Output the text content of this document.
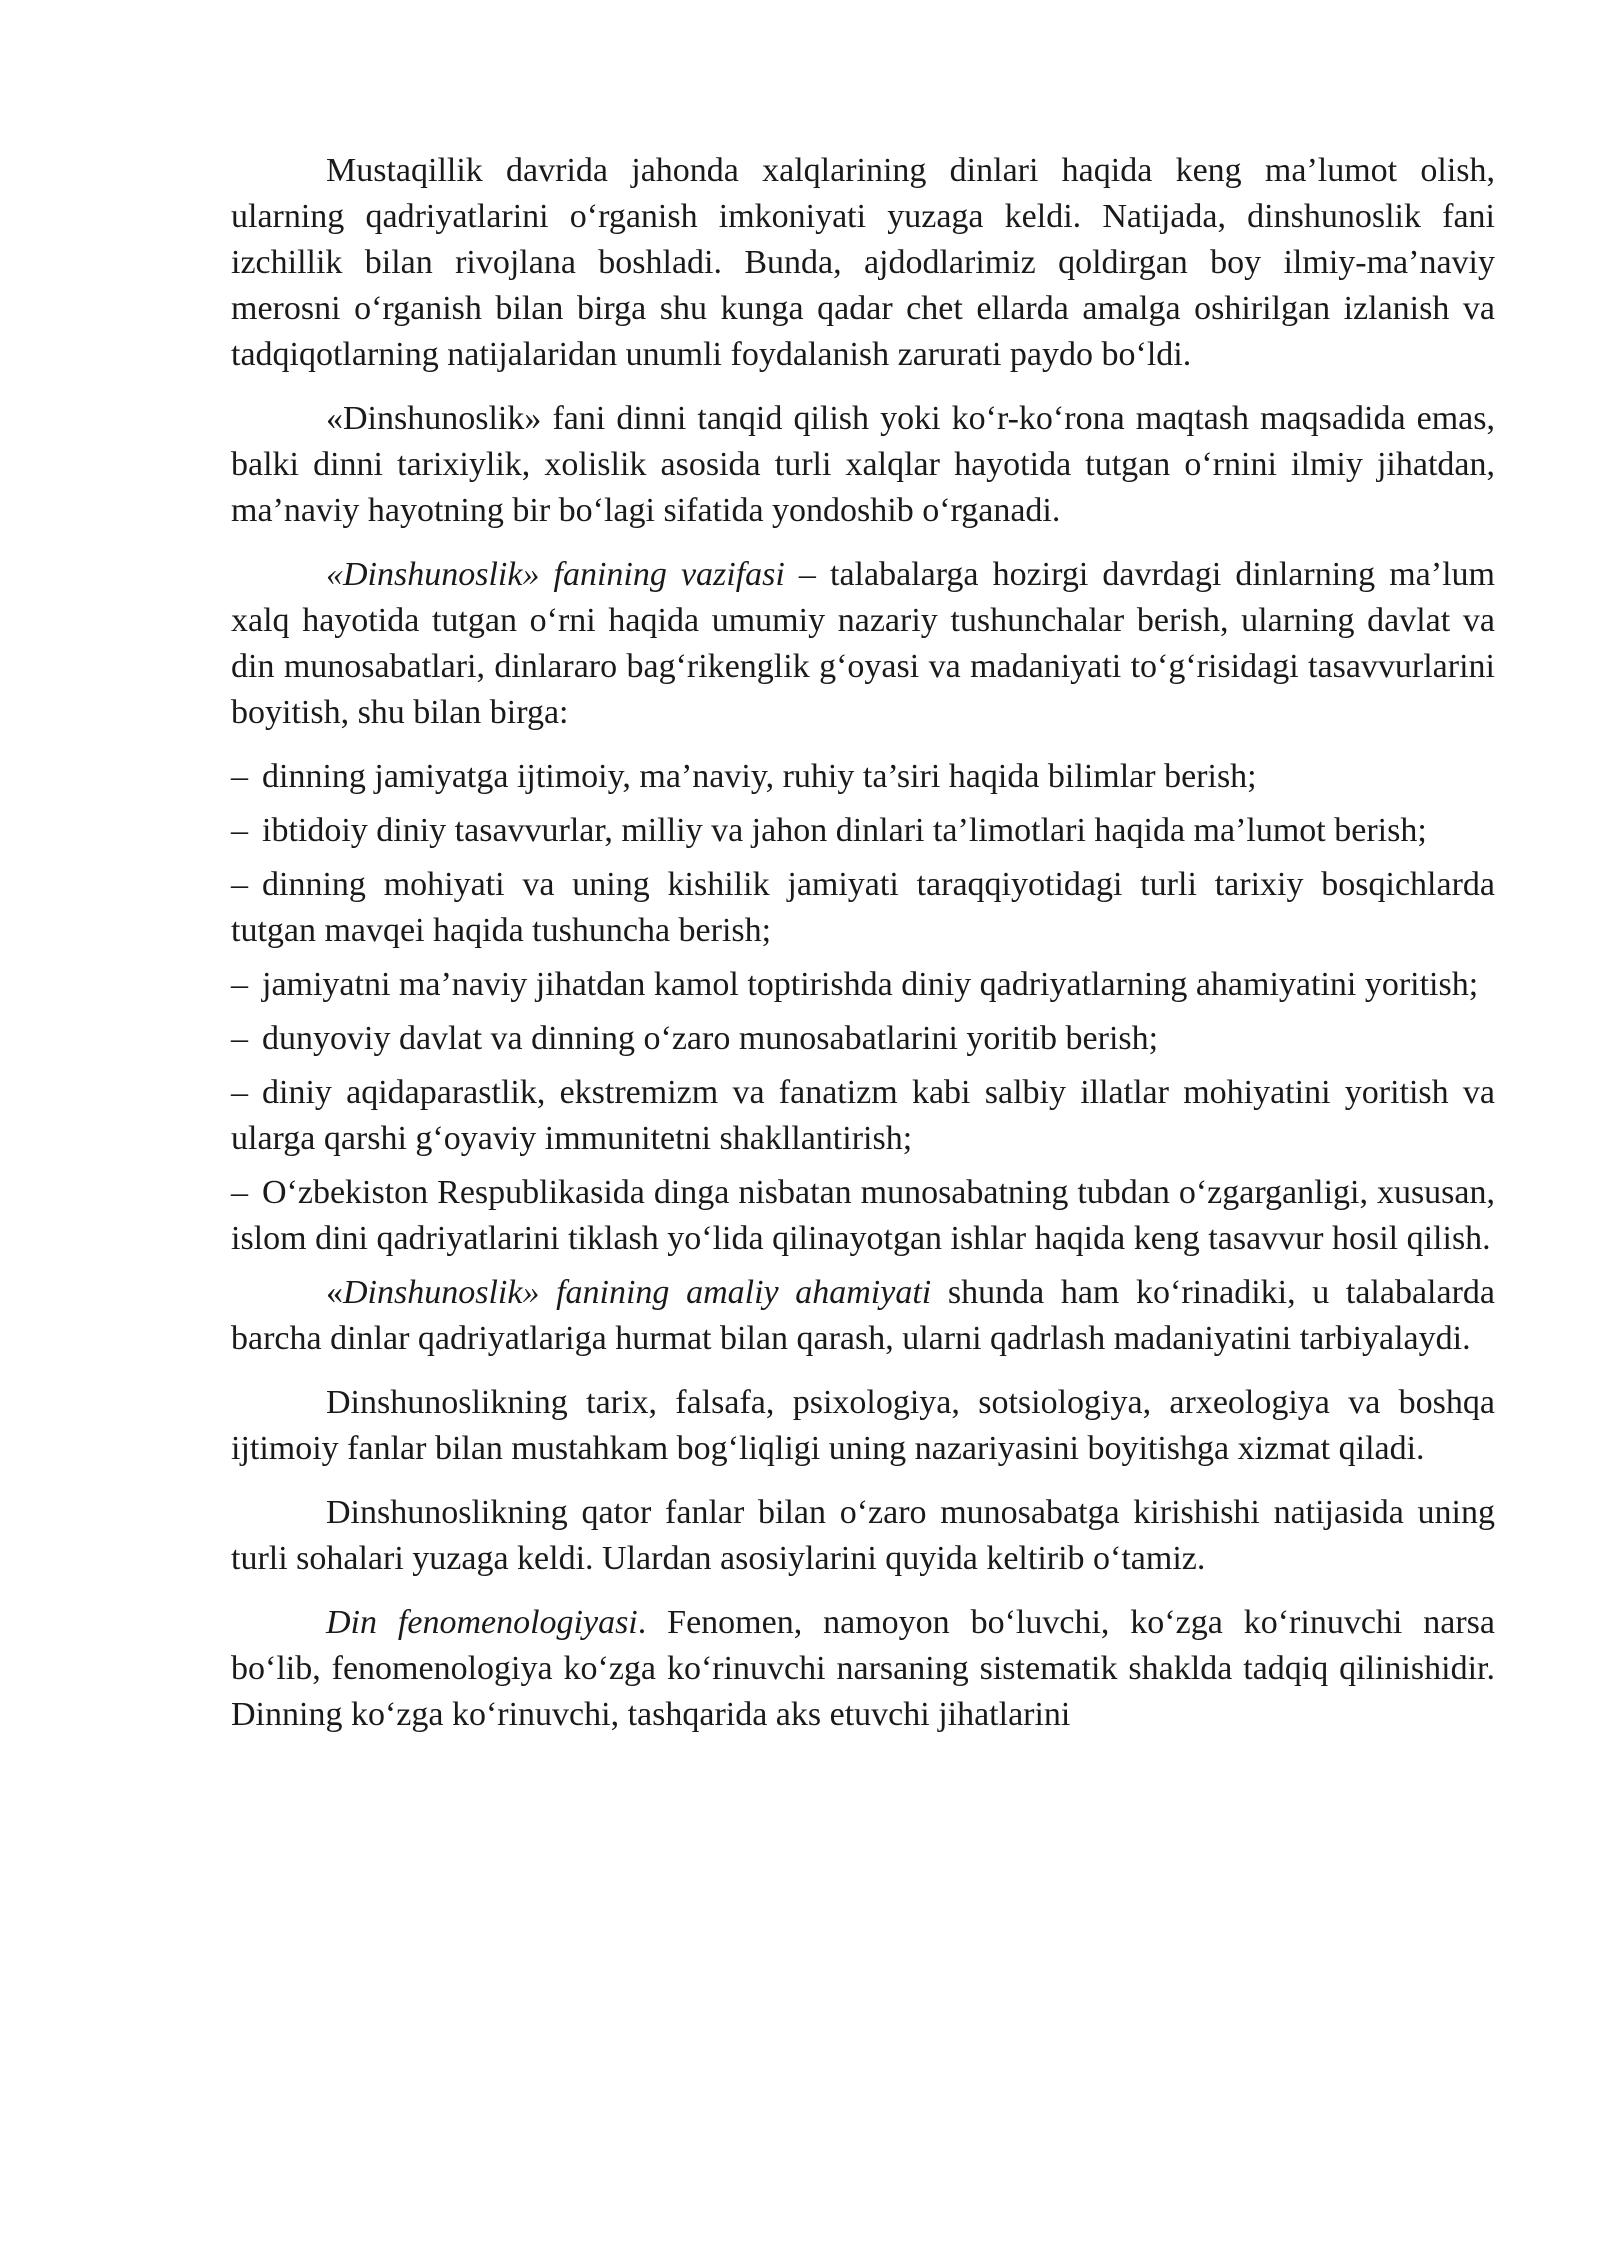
Mustaqillik davrida jahonda xalqlarining dinlari haqida keng ma’lumot olish, ularning qadriyatlarini o‘rganish imkoniyati yuzaga keldi. Natijada, dinshunoslik fani izchillik bilan rivojlana boshladi. Bunda, ajdodlarimiz qoldirgan boy ilmiy-ma’naviy merosni o‘rganish bilan birga shu kunga qadar chet ellarda amalga oshirilgan izlanish va tadqiqotlarning natijalaridan unumli foydalanish zarurati paydo bo‘ldi.

«Dinshunoslik» fani dinni tanqid qilish yoki ko‘r-ko‘rona maqtash maqsadida emas, balki dinni tarixiylik, xolislik asosida turli xalqlar hayotida tutgan o‘rnini ilmiy jihatdan, ma’naviy hayotning bir bo‘lagi sifatida yondoshib o‘rganadi.

«Dinshunoslik» fanining vazifasi – talabalarga hozirgi davrdagi dinlarning ma’lum xalq hayotida tutgan o‘rni haqida umumiy nazariy tushunchalar berish, ularning davlat va din munosabatlari, dinlararo bag‘rikenglik g‘oyasi va madaniyati to‘g‘risidagi tasavvurlarini boyitish, shu bilan birga:

– dinning jamiyatga ijtimoiy, ma’naviy, ruhiy ta’siri haqida bilimlar berish;
– ibtidoiy diniy tasavvurlar, milliy va jahon dinlari ta’limotlari haqida ma’lumot berish;
– dinning mohiyati va uning kishilik jamiyati taraqqiyotidagi turli tarixiy bosqichlarda tutgan mavqei haqida tushuncha berish;
– jamiyatni ma’naviy jihatdan kamol toptirishda diniy qadriyatlarning ahamiyatini yoritish;
– dunyoviy davlat va dinning o‘zaro munosabatlarini yoritib berish;
– diniy aqidaparastlik, ekstremizm va fanatizm kabi salbiy illatlar mohiyatini yoritish va ularga qarshi g‘oyaviy immunitetni shakllantirish;
– O‘zbekiston Respublikasida dinga nisbatan munosabatning tubdan o‘zgarganligi, xususan, islom dini qadriyatlarini tiklash yo‘lida qilinayotgan ishlar haqida keng tasavvur hosil qilish.

«Dinshunoslik» fanining amaliy ahamiyati shunda ham ko‘rinadiki, u talabalarda barcha dinlar qadriyatlariga hurmat bilan qarash, ularni qadrlash madaniyatini tarbiyalaydi.

Dinshunoslikning tarix, falsafa, psixologiya, sotsiologiya, arxeologiya va boshqa ijtimoiy fanlar bilan mustahkam bog‘liqligi uning nazariyasini boyitishga xizmat qiladi.

Dinshunoslikning qator fanlar bilan o‘zaro munosabatga kirishishi natijasida uning turli sohalari yuzaga keldi. Ulardan asosiylarini quyida keltirib o‘tamiz.

Din fenomenologiyasi. Fenomen, namoyon bo‘luvchi, ko‘zga ko‘rinuvchi narsa bo‘lib, fenomenologiya ko‘zga ko‘rinuvchi narsaning sistematik shaklda tadqiq qilinishidir. Dinning ko‘zga ko‘rinuvchi, tashqarida aks etuvchi jihatlarini
